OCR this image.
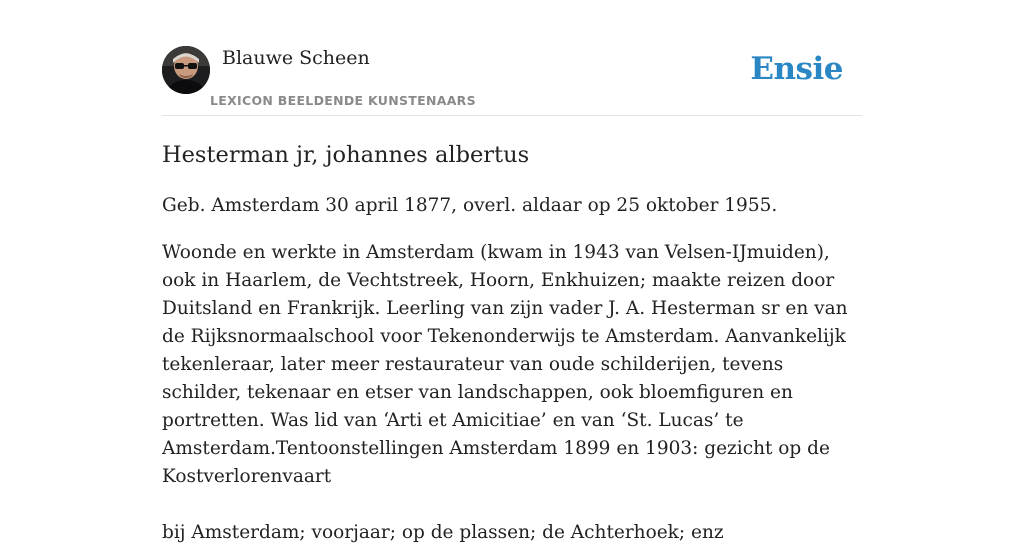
Blauwe Scheen
LEXICON BEELDENDE KUNSTENAARS
Ensie
Hesterman jr, johannes albertus

Geb. Amsterdam 30 april 1877, overl. aldaar op 25 oktober 1955.

Woonde en werkte in Amsterdam (kwam in 1943 van Velsen-IJmuiden), ook in Haarlem, de Vechtstreek, Hoorn, Enkhuizen; maakte reizen door Duitsland en Frankrijk. Leerling van zijn vader J. A. Hesterman sr en van de Rijksnormaalschool voor Tekenonderwijs te Amsterdam. Aanvankelijk tekenleraar, later meer restaurateur van oude schilderijen, tevens schilder, tekenaar en etser van landschappen, ook bloemfiguren en portretten. Was lid van ‘Arti et Amicitiae’ en van ‘St. Lucas’ te Amsterdam.Tentoonstellingen Amsterdam 1899 en 1903: gezicht op de Kostverlorenvaart

bij Amsterdam; voorjaar; op de plassen; de Achterhoek; enz
